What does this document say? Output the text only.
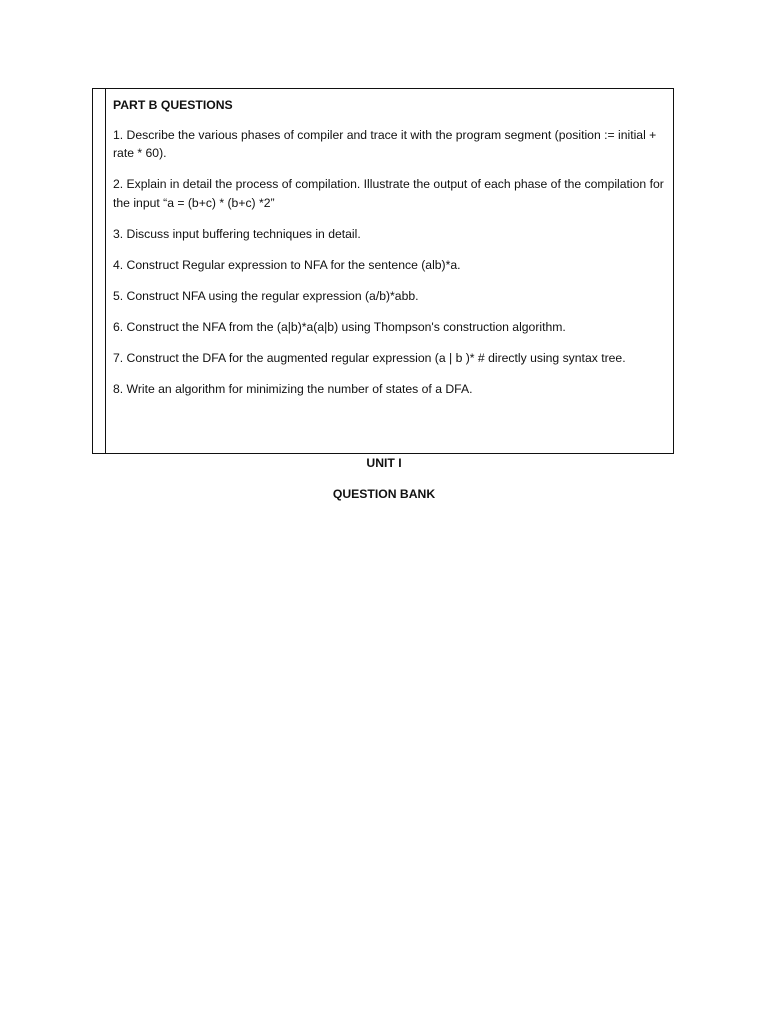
PART B QUESTIONS
1. Describe the various phases of compiler and trace it with the program segment (position := initial + rate * 60).
2. Explain in detail the process of compilation. Illustrate the output of each phase of the compilation for the input “a = (b+c) * (b+c) *2”
3. Discuss input buffering techniques in detail.
4. Construct Regular expression to NFA for the sentence (alb)*a.
5. Construct NFA using the regular expression (a/b)*abb.
6. Construct the NFA from the (a|b)*a(a|b) using Thompson's construction algorithm.
7. Construct the DFA for the augmented regular expression (a | b )* # directly using syntax tree.
8. Write an algorithm for minimizing the number of states of a DFA.
UNIT I
QUESTION BANK
